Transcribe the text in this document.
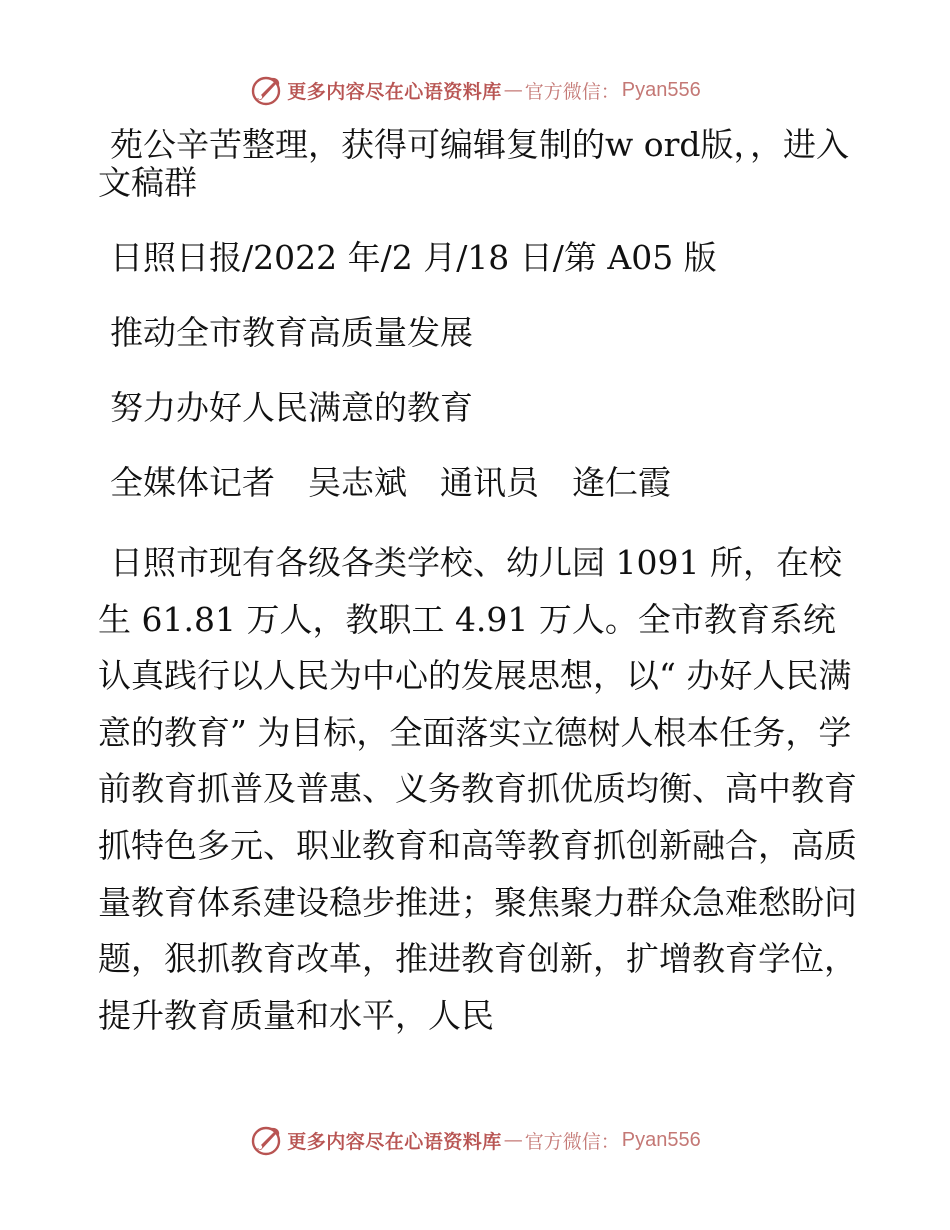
更多内容尽在心语资料库 — 官方微信： Pyan556

苑公辛苦整理，获得可编辑复制的w ord版，，进入文稿群

日照日报/2022 年/2 月/18 日/第 A05 版

推动全市教育高质量发展

努力办好人民满意的教育

全媒体记者　吴志斌　通讯员　逄仁霞

日照市现有各级各类学校、幼儿园 1091 所，在校生 61.81 万人，教职工 4.91 万人。全市教育系统认真践行以人民为中心的发展思想，以“ 办好人民满意的教育” 为目标，全面落实立德树人根本任务，学前教育抓普及普惠、义务教育抓优质均衡、高中教育抓特色多元、职业教育和高等教育抓创新融合，高质量教育体系建设稳步推进；聚焦聚力群众急难愁盼问题，狠抓教育改革，推进教育创新，扩增教育学位，提升教育质量和水平，人民

更多内容尽在心语资料库 — 官方微信： Pyan556
